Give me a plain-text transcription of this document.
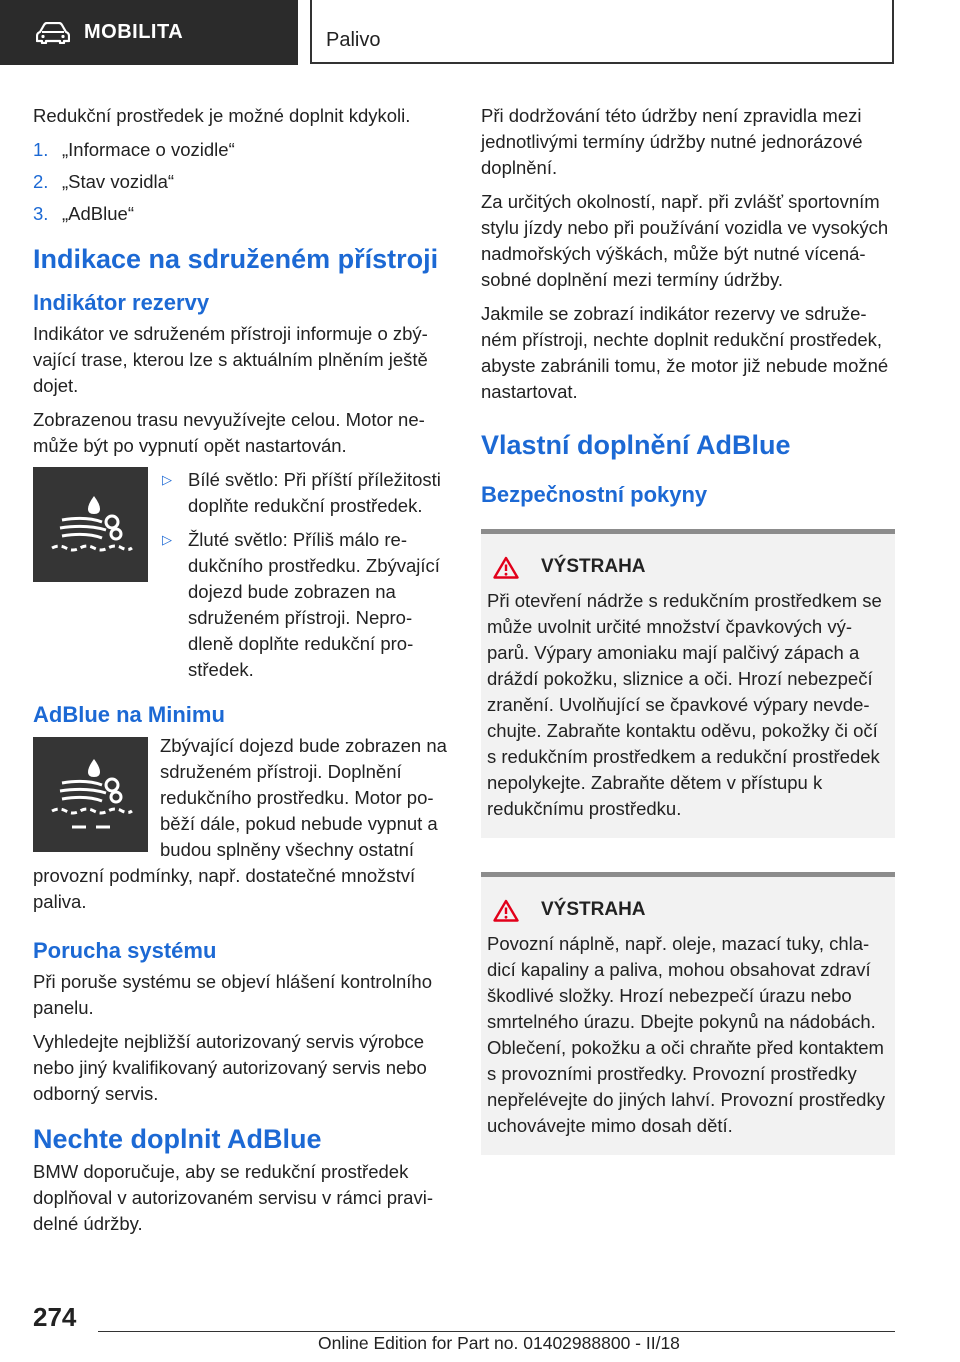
MOBILITA	Palivo

Redukční prostředek je možné doplnit kdykoli.

1. „Informace o vozidle“
2. „Stav vozidla“
3. „AdBlue“
Indikace na sdruženém přístroji
Indikátor rezervy

Indikátor ve sdruženém přístroji informuje o zbývající trase, kterou lze s aktuálním plněním ještě dojet.

Zobrazenou trasu nevyužívejte celou. Motor nemůže být po vypnutí opět nastartován.

▷ Bílé světlo: Při příští příležitosti doplňte redukční prostředek.
▷ Žluté světlo: Příliš málo redukčního prostředku. Zbývající dojezd bude zobrazen na sdruženém přístroji. Neprodleně doplňte redukční prostředek.
AdBlue na Minimu

Zbývající dojezd bude zobrazen na sdruženém přístroji. Doplnění redukčního prostředku. Motor poběží dále, pokud nebude vypnut a budou splněny všechny ostatní provozní podmínky, např. dostatečné množství paliva.

Porucha systému

Při poruše systému se objeví hlášení kontrolního panelu.

Vyhledejte nejbližší autorizovaný servis výrobce nebo jiný kvalifikovaný autorizovaný servis nebo odborný servis.

Nechte doplnit AdBlue

BMW doporučuje, aby se redukční prostředek doplňoval v autorizovaném servisu v rámci pravidelné údržby.

Při dodržování této údržby není zpravidla mezi jednotlivými termíny údržby nutné jednorázové doplnění.

Za určitých okolností, např. při zvlášť sportovním stylu jízdy nebo při používání vozidla ve vysokých nadmořských výškách, může být nutné vícenásobné doplnění mezi termíny údržby.

Jakmile se zobrazí indikátor rezervy ve sdruženém přístroji, nechte doplnit redukční prostředek, abyste zabránili tomu, že motor již nebude možné nastartovat.

Vlastní doplnění AdBlue
Bezpečnostní pokyny
VÝSTRAHA

Při otevření nádrže s redukčním prostředkem se může uvolnit určité množství čpavkových výparů. Výpary amoniaku mají palčivý zápach a dráždí pokožku, sliznice a oči. Hrozí nebezpečí zranění. Uvolňující se čpavkové výpary nevdechujte. Zabraňte kontaktu oděvu, pokožky či očí s redukčním prostředkem a redukční prostředek nepolykejte. Zabraňte dětem v přístupu k redukčnímu prostředku.

VÝSTRAHA

Povozní náplně, např. oleje, mazací tuky, chladicí kapaliny a paliva, mohou obsahovat zdraví škodlivé složky. Hrozí nebezpečí úrazu nebo smrtelného úrazu. Dbejte pokynů na nádobách. Oblečení, pokožku a oči chraňte před kontaktem s provozními prostředky. Provozní prostředky nepřelévejte do jiných lahví. Provozní prostředky uchovávejte mimo dosah dětí.

274
Online Edition for Part no. 01402988800 - II/18
